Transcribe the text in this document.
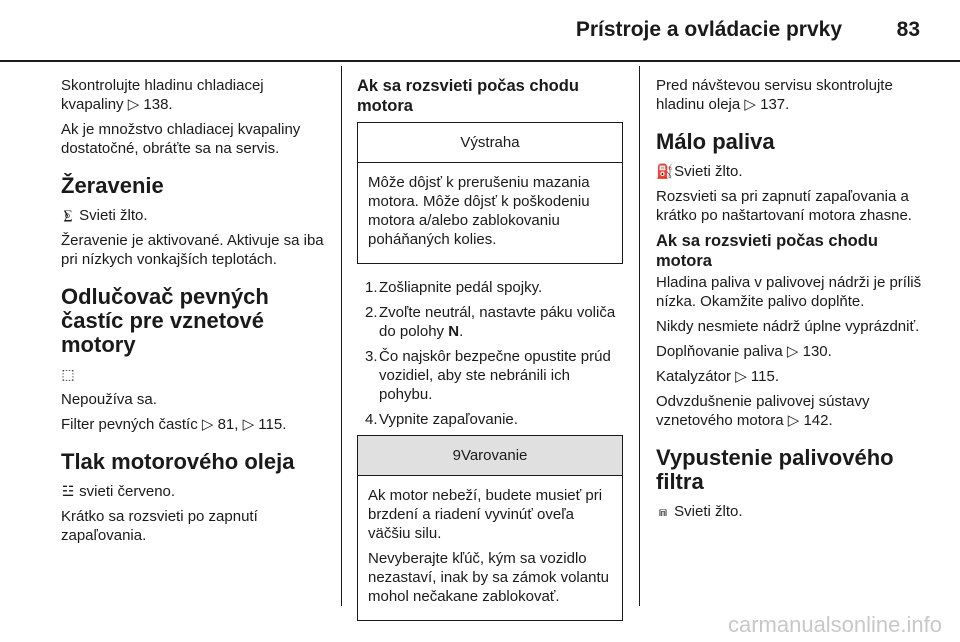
Prístroje a ovládacie prvky	83

Skontrolujte hladinu chladiacej kvapaliny ▷ 138.

Ak je množstvo chladiacej kvapaliny dostatočné, obráťte sa na servis.

Žeravenie

⨊ Svieti žlto.

Žeravenie je aktivované. Aktivuje sa iba pri nízkych vonkajších teplotách.

Odlučovač pevných častíc pre vznetové motory

⬚

Nepoužíva sa.

Filter pevných častíc ▷ 81, ▷ 115.

Tlak motorového oleja

☳ svieti červeno.

Krátko sa rozsvieti po zapnutí zapaľovania.

Ak sa rozsvieti počas chodu motora
Výstraha

Môže dôjsť k prerušeniu mazania motora. Môže dôjsť k poškodeniu motora a/alebo zablokovaniu poháňaných kolies.

1. Zošliapnite pedál spojky.
2. Zvoľte neutrál, nastavte páku voliča do polohy N.
3. Čo najskôr bezpečne opustite prúd vozidiel, aby ste nebránili ich pohybu.
4. Vypnite zapaľovanie.
9Varovanie

Ak motor nebeží, budete musieť pri brzdení a riadení vyvinúť oveľa väčšiu silu.

Nevyberajte kľúč, kým sa vozidlo nezastaví, inak by sa zámok volantu mohol nečakane zablokovať.

Pred návštevou servisu skontrolujte hladinu oleja ▷ 137.

Málo paliva

⛽ Svieti žlto.

Rozsvieti sa pri zapnutí zapaľovania a krátko po naštartovaní motora zhasne.

Ak sa rozsvieti počas chodu motora

Hladina paliva v palivovej nádrži je príliš nízka. Okamžite palivo doplňte.

Nikdy nesmiete nádrž úplne vyprázdniť.

Doplňovanie paliva ▷ 130.

Katalyzátor ▷ 115.

Odvzdušnenie palivovej sústavy vznetového motora ▷ 142.

Vypustenie palivového filtra

⩎ Svieti žlto.

carmanualsonline.info
